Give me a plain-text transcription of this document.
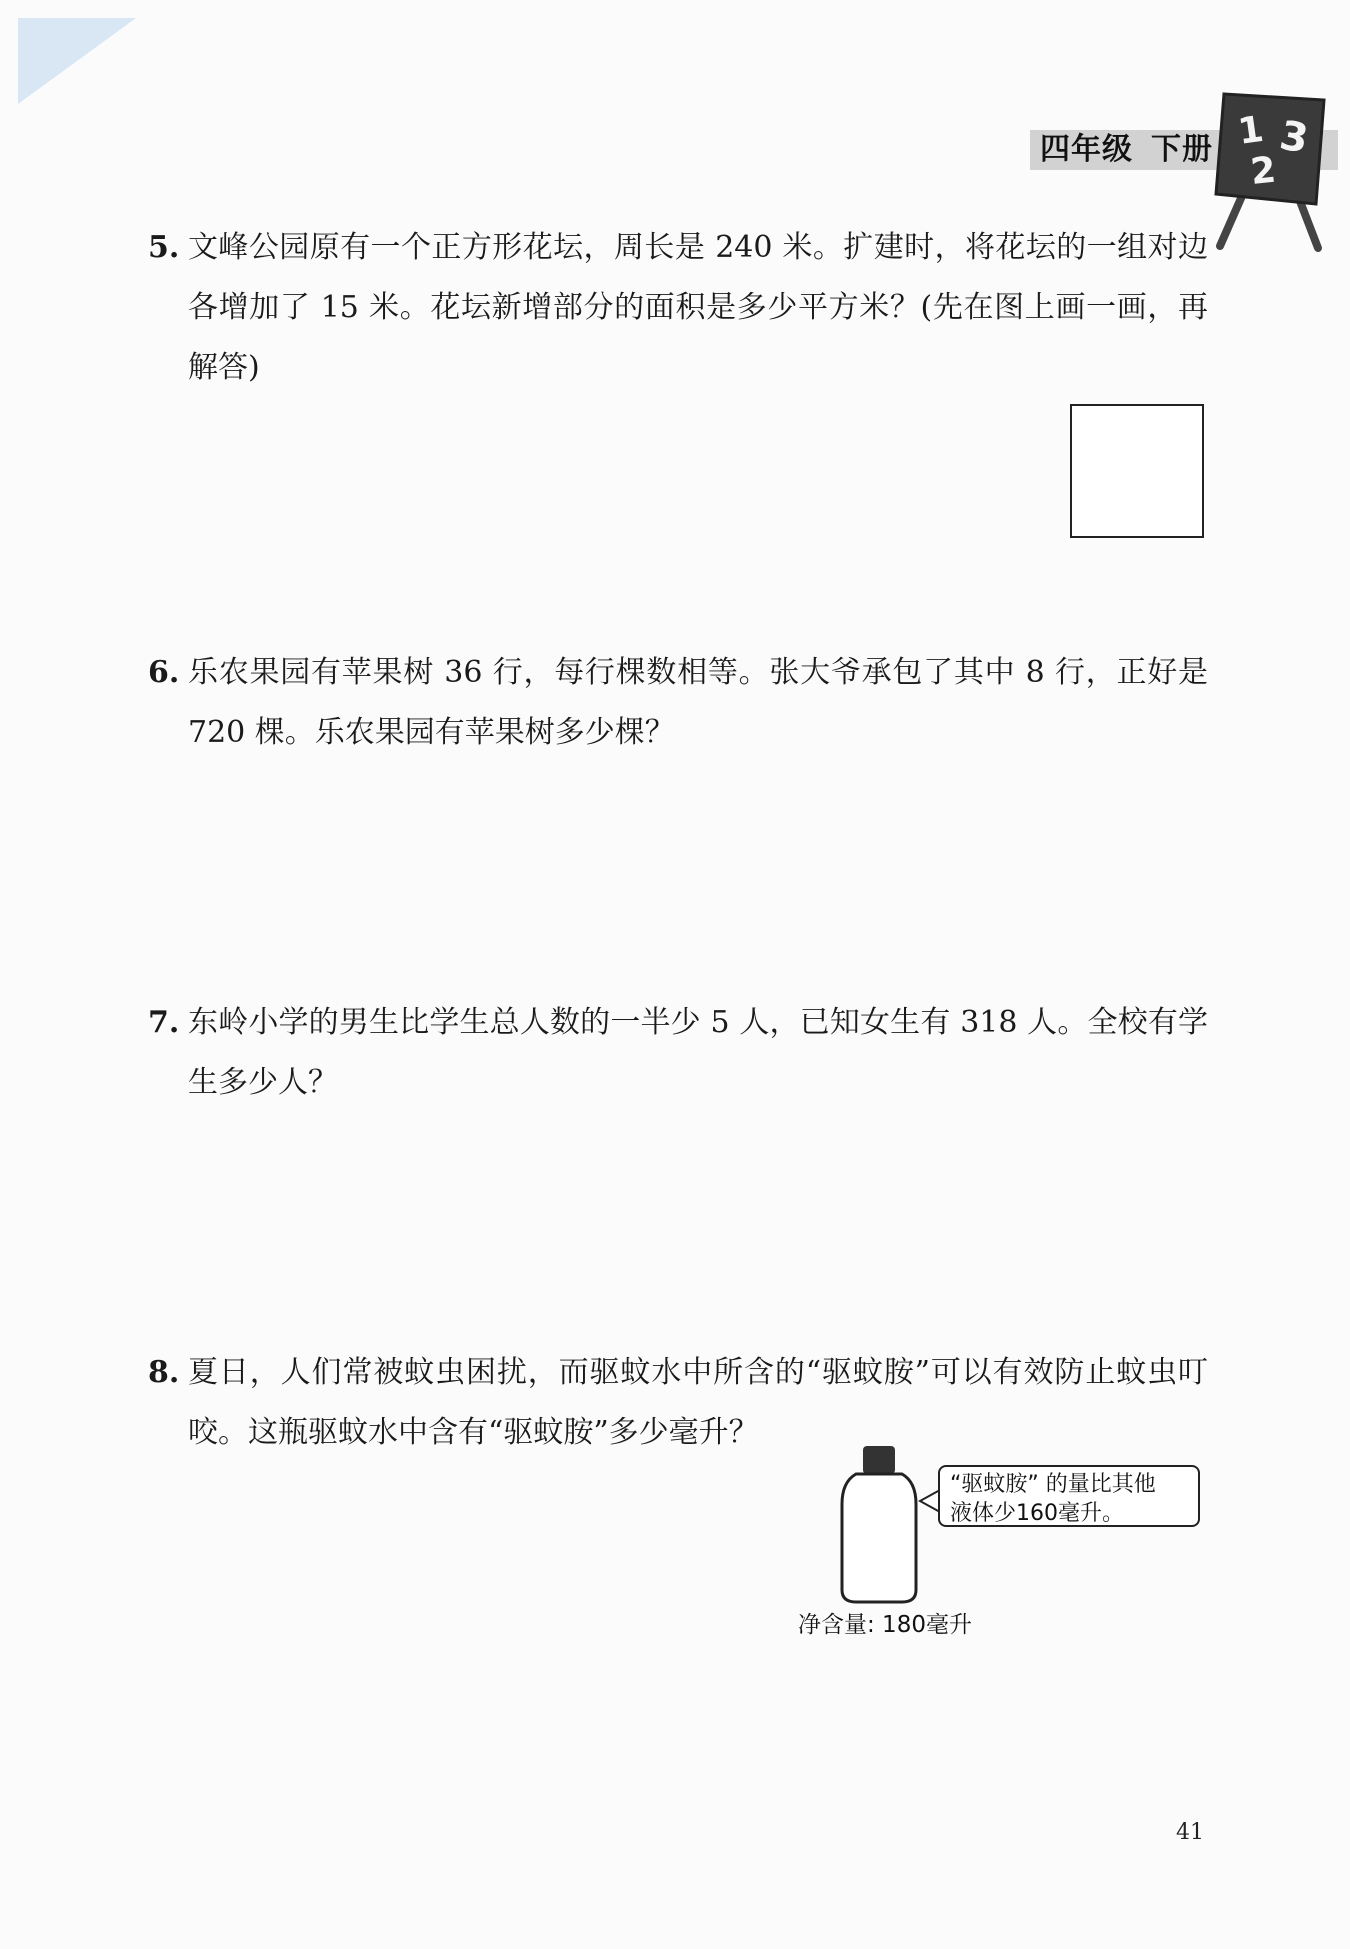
四年级 下册 1 3
2
5. 文峰公园原有一个正方形花坛，周长是 240 米。扩建时，将花坛的一组对边各增加了 15 米。花坛新增部分的面积是多少平方米？(先在图上画一画，再解答)
6. 乐农果园有苹果树 36 行，每行棵数相等。张大爷承包了其中 8 行，正好是 720 棵。乐农果园有苹果树多少棵？
7. 东岭小学的男生比学生总人数的一半少 5 人，已知女生有 318 人。全校有学生多少人？
8. 夏日，人们常被蚊虫困扰，而驱蚊水中所含的“驱蚊胺”可以有效防止蚊虫叮咬。这瓶驱蚊水中含有“驱蚊胺”多少毫升？
“驱蚊胺” 的量比其他
液体少160毫升。
净含量: 180毫升
41
